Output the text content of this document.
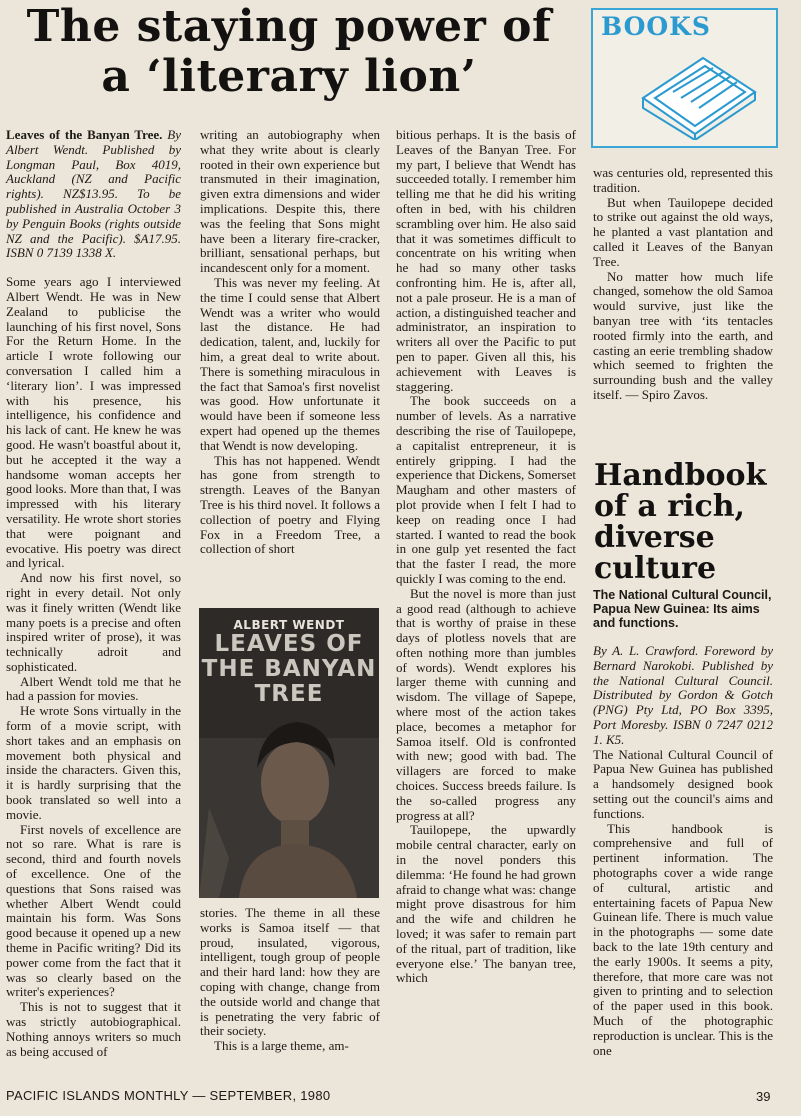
The staying power of a ‘literary lion’
BOOKS

Leaves of the Banyan Tree. By Albert Wendt. Published by Longman Paul, Box 4019, Auckland (NZ and Pacific rights). NZ$13.95. To be published in Australia October 3 by Penguin Books (rights outside NZ and the Pacific). $A17.95. ISBN 0 7139 1338 X.

Some years ago I interviewed Albert Wendt. He was in New Zealand to publicise the launching of his first novel, Sons For the Return Home. In the article I wrote following our conversation I called him a ‘literary lion’. I was impressed with his presence, his intelligence, his confidence and his lack of cant. He knew he was good. He wasn't boastful about it, but he accepted it the way a handsome woman accepts her good looks. More than that, I was impressed with his literary versatility. He wrote short stories that were poignant and evocative. His poetry was direct and lyrical.

And now his first novel, so right in every detail. Not only was it finely written (Wendt like many poets is a precise and often inspired writer of prose), it was technically adroit and sophisticated.

Albert Wendt told me that he had a passion for movies.

He wrote Sons virtually in the form of a movie script, with short takes and an emphasis on movement both physical and inside the characters. Given this, it is hardly surprising that the book translated so well into a movie.

First novels of excellence are not so rare. What is rare is second, third and fourth novels of excellence. One of the questions that Sons raised was whether Albert Wendt could maintain his form. Was Sons good because it opened up a new theme in Pacific writing? Did its power come from the fact that it was so clearly based on the writer's experiences?

This is not to suggest that it was strictly autobiographical. Nothing annoys writers so much as being accused of

writing an autobiography when what they write about is clearly rooted in their own experience but transmuted in their imagination, given extra dimensions and wider implications. Despite this, there was the feeling that Sons might have been a literary fire-cracker, brilliant, sensational perhaps, but incandescent only for a moment.

This was never my feeling. At the time I could sense that Albert Wendt was a writer who would last the distance. He had dedication, talent, and, luckily for him, a great deal to write about. There is something miraculous in the fact that Samoa's first novelist was good. How unfortunate it would have been if someone less expert had opened up the themes that Wendt is now developing.

This has not happened. Wendt has gone from strength to strength. Leaves of the Banyan Tree is his third novel. It follows a collection of poetry and Flying Fox in a Freedom Tree, a collection of short

ALBERT WENDT
LEAVES OF THE BANYAN TREE

stories. The theme in all these works is Samoa itself — that proud, insulated, vigorous, intelligent, tough group of people and their hard land: how they are coping with change, change from the outside world and change that is penetrating the very fabric of their society.

This is a large theme, am-

bitious perhaps. It is the basis of Leaves of the Banyan Tree. For my part, I believe that Wendt has succeeded totally. I remember him telling me that he did his writing often in bed, with his children scrambling over him. He also said that it was sometimes difficult to concentrate on his writing when he had so many other tasks confronting him. He is, after all, not a pale proseur. He is a man of action, a distinguished teacher and administrator, an inspiration to writers all over the Pacific to put pen to paper. Given all this, his achievement with Leaves is staggering.

The book succeeds on a number of levels. As a narrative describing the rise of Tauilopepe, a capitalist entrepreneur, it is entirely gripping. I had the experience that Dickens, Somerset Maugham and other masters of plot provide when I felt I had to keep on reading once I had started. I wanted to read the book in one gulp yet resented the fact that the faster I read, the more quickly I was coming to the end.

But the novel is more than just a good read (although to achieve that is worthy of praise in these days of plotless novels that are often nothing more than jumbles of words). Wendt explores his larger theme with cunning and wisdom. The village of Sapepe, where most of the action takes place, becomes a metaphor for Samoa itself. Old is confronted with new; good with bad. The villagers are forced to make choices. Success breeds failure. Is the so-called progress any progress at all?

Tauilopepe, the upwardly mobile central character, early on in the novel ponders this dilemma: ‘He found he had grown afraid to change what was: change might prove disastrous for him and the wife and children he loved; it was safer to remain part of the ritual, part of tradition, like everyone else.’ The banyan tree, which

was centuries old, represented this tradition.

But when Tauilopepe decided to strike out against the old ways, he planted a vast plantation and called it Leaves of the Banyan Tree.

No matter how much life changed, somehow the old Samoa would survive, just like the banyan tree with ‘its tentacles rooted firmly into the earth, and casting an eerie trembling shadow which seemed to frighten the surrounding bush and the valley itself. — Spiro Zavos.

Handbook of a rich, diverse culture

The National Cultural Council, Papua New Guinea: Its aims and functions.

By A. L. Crawford. Foreword by Bernard Narokobi. Published by the National Cultural Council. Distributed by Gordon & Gotch (PNG) Pty Ltd, PO Box 3395, Port Moresby. ISBN 0 7247 0212 1. K5.

The National Cultural Council of Papua New Guinea has published a handsomely designed book setting out the council's aims and functions.

This handbook is comprehensive and full of pertinent information. The photographs cover a wide range of cultural, artistic and entertaining facets of Papua New Guinean life. There is much value in the photographs — some date back to the late 19th century and the early 1900s. It seems a pity, therefore, that more care was not given to printing and to selection of the paper used in this book. Much of the photographic reproduction is unclear. This is the one

PACIFIC ISLANDS MONTHLY — SEPTEMBER, 1980	39
